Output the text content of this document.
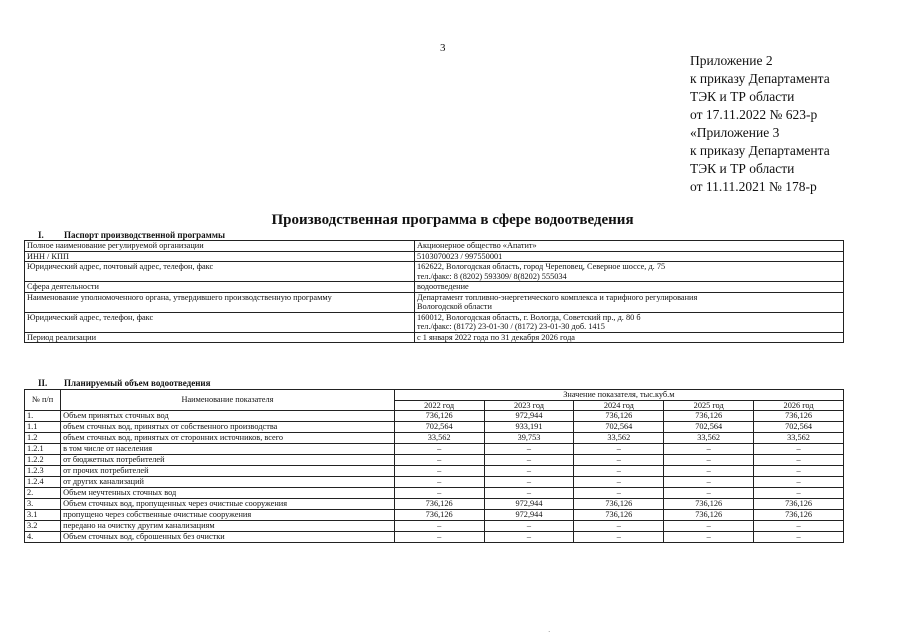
3
Приложение 2
к приказу Департамента
ТЭК и ТР области
от 17.11.2022 № 623-р
«Приложение 3
к приказу Департамента
ТЭК и ТР области
от 11.11.2021 № 178-р
Производственная программа в сфере водоотведения
I. Паспорт производственной программы
Полное наименование регулируемой организации	Акционерное общество «Апатит»
ИНН / КПП	5103070023 / 997550001
Юридический адрес, почтовый адрес, телефон, факс	162622, Вологодская область, город Череповец, Северное шоссе, д. 75
тел./факс: 8 (8202) 593309/ 8(8202) 555034

Сфера деятельности	водоотведение
Наименование уполномоченного органа, утвердившего производственную программу	Департамент топливно-энергетического комплекса и тарифного регулирования
Вологодской области

Юридический адрес, телефон, факс	160012, Вологодская область, г. Вологда, Советский пр., д. 80 б
тел./факс: (8172) 23-01-30 / (8172) 23-01-30 доб. 1415

Период реализации	с 1 января 2022 года по 31 декабря 2026 года
II. Планируемый объем водоотведения
№ п/п	Наименование показателя	Значение показателя, тыс.куб.м				
		2022 год	2023 год	2024 год	2025 год	2026 год
1.	Объем принятых сточных вод	736,126	972,944	736,126	736,126	736,126
1.1	объем сточных вод, принятых от собственного производства	702,564	933,191	702,564	702,564	702,564
1.2	объем сточных вод, принятых от сторонних источников, всего	33,562	39,753	33,562	33,562	33,562
1.2.1	в том числе от населения	–	–	–	–	–
1.2.2	от бюджетных потребителей	–	–	–	–	–
1.2.3	от прочих потребителей	–	–	–	–	–
1.2.4	от других канализаций	–	–	–	–	–
2.	Объем неучтенных сточных вод	–	–	–	–	–
3.	Объем сточных вод, пропущенных через очистные сооружения	736,126	972,944	736,126	736,126	736,126
3.1	пропущено через собственные очистные сооружения	736,126	972,944	736,126	736,126	736,126
3.2	передано на очистку другим канализациям	–	–	–	–	–
4.	Объем сточных вод, сброшенных без очистки	–	–	–	–	–
·
